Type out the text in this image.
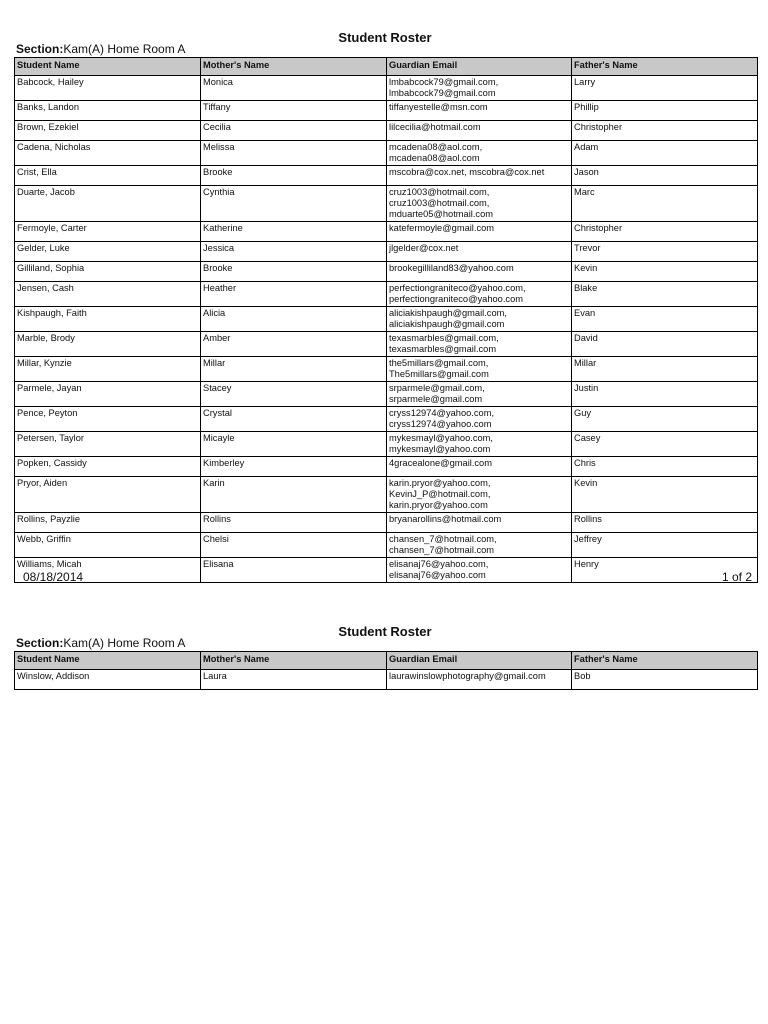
Student Roster
Section:Kam(A) Home Room A
Student Name	Mother's Name	Guardian Email	Father's Name
Babcock, Hailey	Monica	lmbabcock79@gmail.com,
lmbabcock79@gmail.com	Larry
Banks, Landon	Tiffany	tiffanyestelle@msn.com	Phillip
Brown, Ezekiel	Cecilia	lilcecilia@hotmail.com	Christopher
Cadena, Nicholas	Melissa	mcadena08@aol.com,
mcadena08@aol.com	Adam
Crist, Ella	Brooke	mscobra@cox.net, mscobra@cox.net	Jason
Duarte, Jacob	Cynthia	cruz1003@hotmail.com,
cruz1003@hotmail.com,
mduarte05@hotmail.com	Marc
Fermoyle, Carter	Katherine	katefermoyle@gmail.com	Christopher
Gelder, Luke	Jessica	jlgelder@cox.net	Trevor
Gilliland, Sophia	Brooke	brookegilliland83@yahoo.com	Kevin
Jensen, Cash	Heather	perfectiongraniteco@yahoo.com,
perfectiongraniteco@yahoo.com	Blake
Kishpaugh, Faith	Alicia	aliciakishpaugh@gmail.com,
aliciakishpaugh@gmail.com	Evan
Marble, Brody	Amber	texasmarbles@gmail.com,
texasmarbles@gmail.com	David
Millar, Kynzie	Millar	the5millars@gmail.com,
The5millars@gmail.com	Millar
Parmele, Jayan	Stacey	srparmele@gmail.com,
srparmele@gmail.com	Justin
Pence, Peyton	Crystal	cryss12974@yahoo.com,
cryss12974@yahoo.com	Guy
Petersen, Taylor	Micayle	mykesmayl@yahoo.com,
mykesmayl@yahoo.com	Casey
Popken, Cassidy	Kimberley	4gracealone@gmail.com	Chris
Pryor, Aiden	Karin	karin.pryor@yahoo.com,
KevinJ_P@hotmail.com,
karin.pryor@yahoo.com	Kevin
Rollins, Payzlie	Rollins	bryanarollins@hotmail.com	Rollins
Webb, Griffin	Chelsi	chansen_7@hotmail.com,
chansen_7@hotmail.com	Jeffrey
Williams, Micah	Elisana	elisanaj76@yahoo.com,
elisanaj76@yahoo.com	Henry
08/18/2014	1 of 2
Student Roster
Section:Kam(A) Home Room A
Student Name	Mother's Name	Guardian Email	Father's Name
Winslow, Addison	Laura	laurawinslowphotography@gmail.com	Bob
